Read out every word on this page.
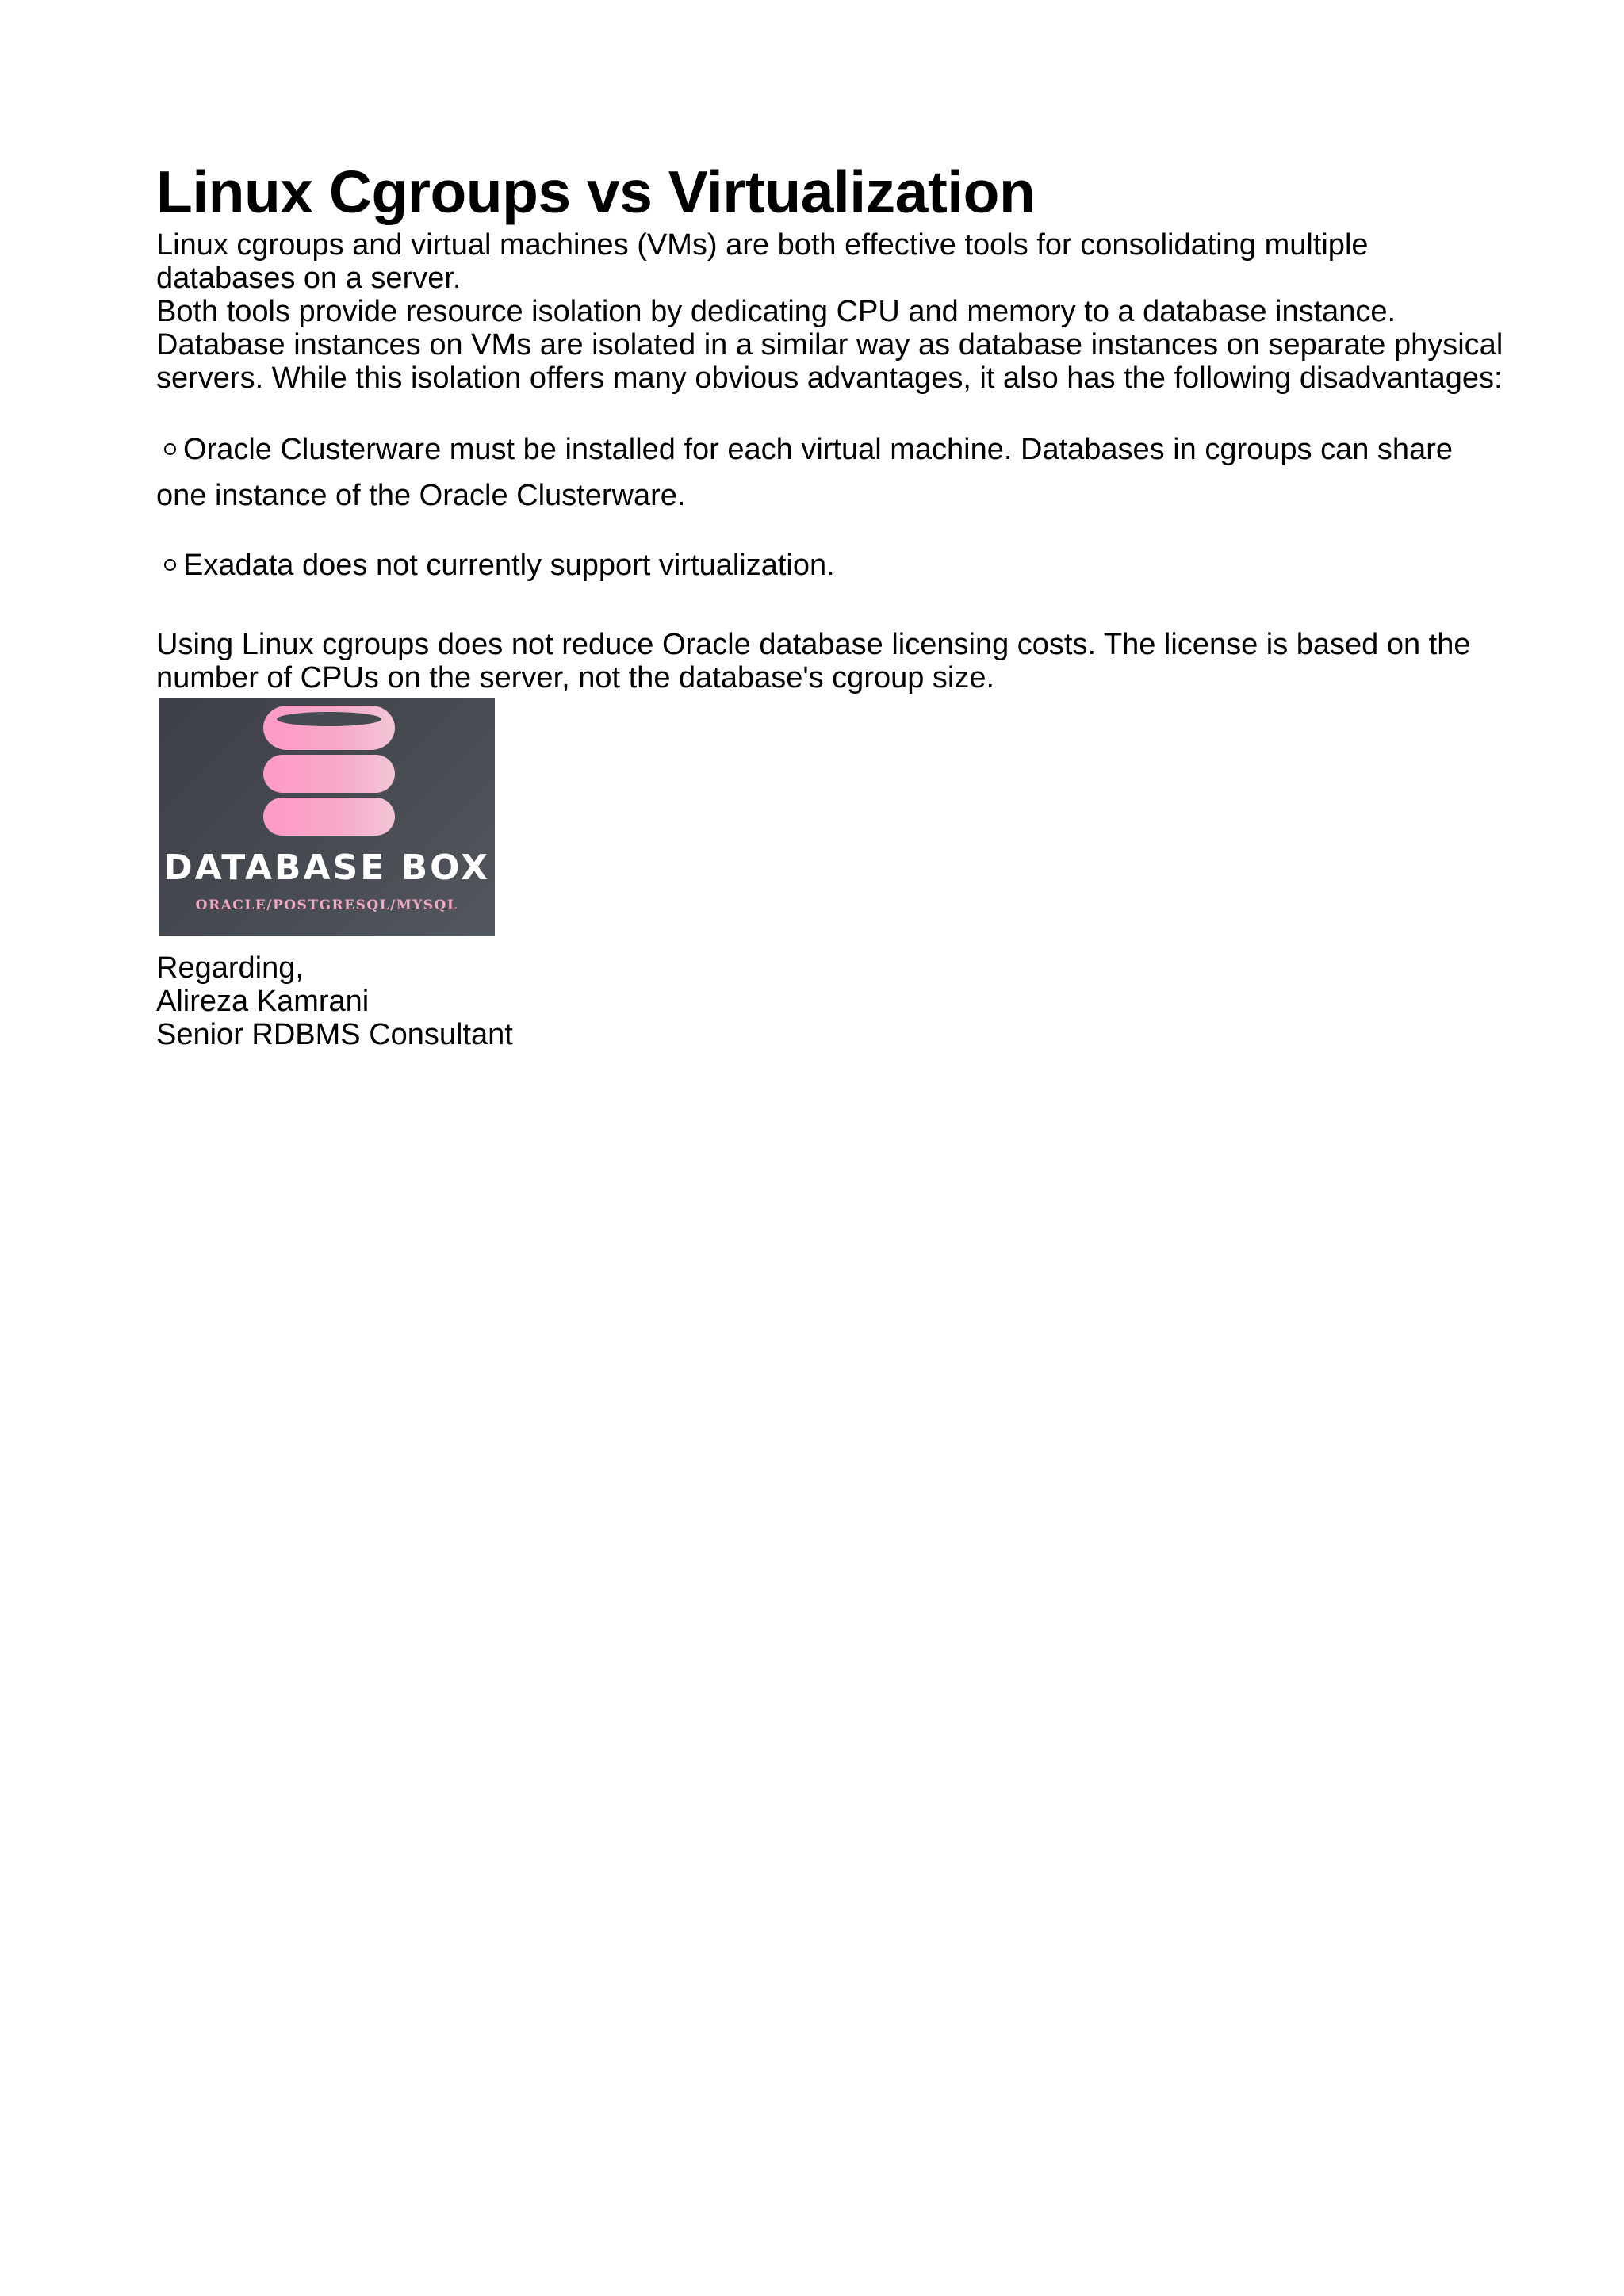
Linux Cgroups vs Virtualization

Linux cgroups and virtual machines (VMs) are both effective tools for consolidating multiple databases on a server.

Both tools provide resource isolation by dedicating CPU and memory to a database instance. Database instances on VMs are isolated in a similar way as database instances on separate physical servers. While this isolation offers many obvious advantages, it also has the following disadvantages:

Oracle Clusterware must be installed for each virtual machine. Databases in cgroups can share one instance of the Oracle Clusterware.
Exadata does not currently support virtualization.

Using Linux cgroups does not reduce Oracle database licensing costs. The license is based on the number of CPUs on the server, not the database's cgroup size.

DATABASE BOX
ORACLE/POSTGRESQL/MYSQL
Regarding,
Alireza Kamrani
Senior RDBMS Consultant
